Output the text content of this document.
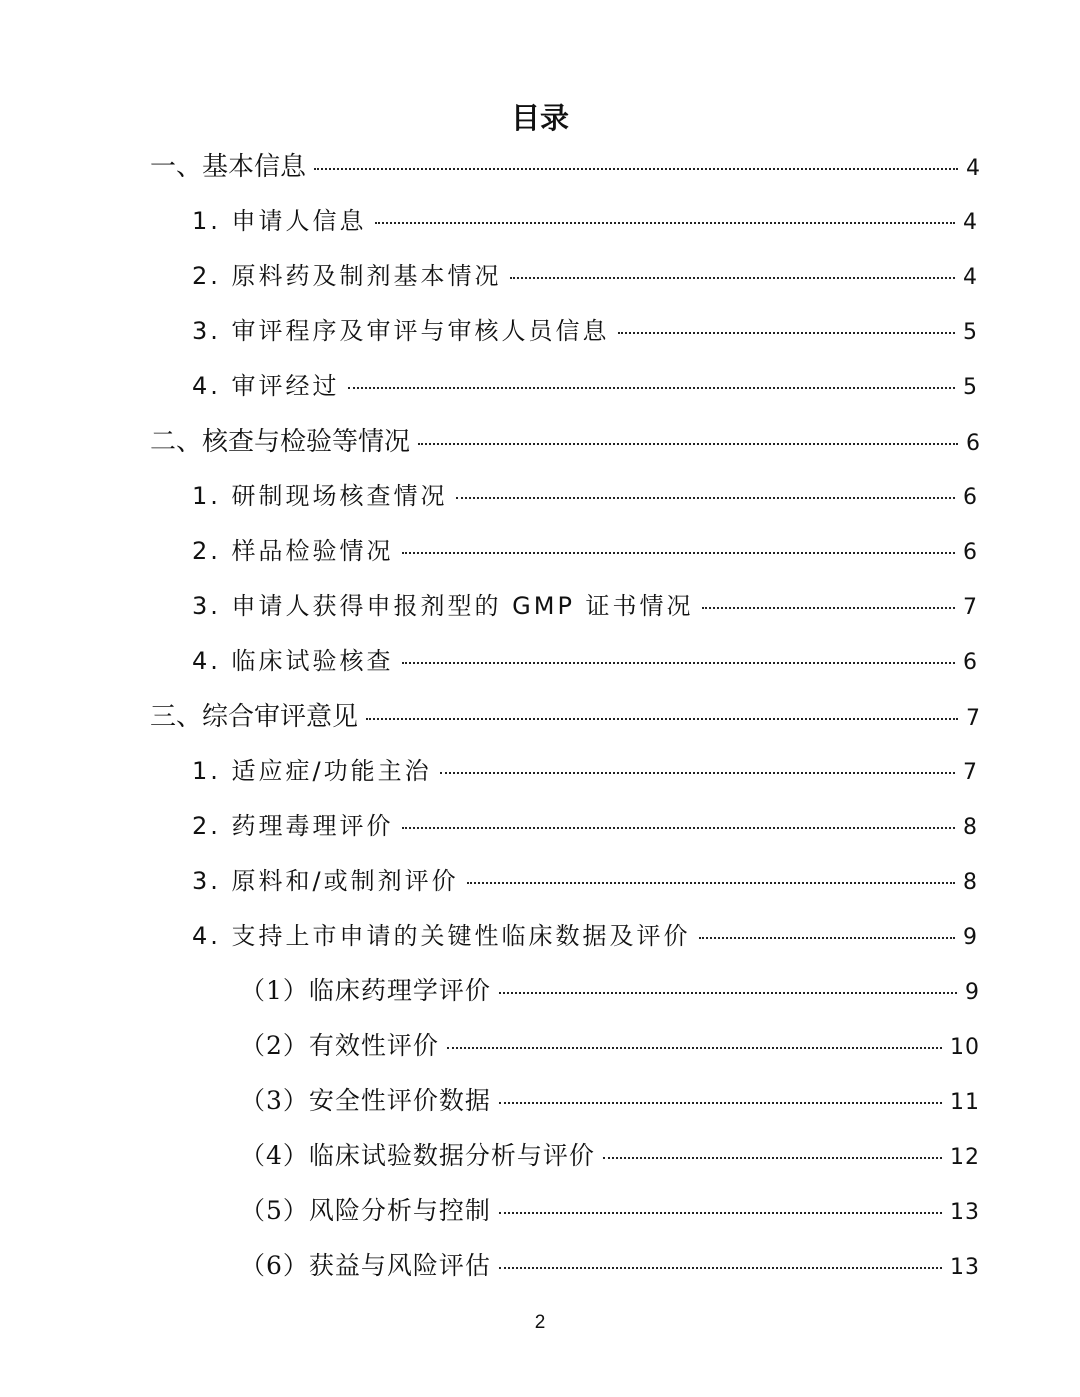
目录
一、基本信息	4
1. 申请人信息	4
2. 原料药及制剂基本情况	4
3. 审评程序及审评与审核人员信息	5
4. 审评经过	5
二、核查与检验等情况	6
1. 研制现场核查情况	6
2. 样品检验情况	6
3. 申请人获得申报剂型的 GMP 证书情况	7
4. 临床试验核查	6
三、综合审评意见	7
1. 适应症/功能主治	7
2. 药理毒理评价	8
3. 原料和/或制剂评价	8
4. 支持上市申请的关键性临床数据及评价	9
（1）临床药理学评价	9
（2）有效性评价	10
（3）安全性评价数据	11
（4）临床试验数据分析与评价	12
（5）风险分析与控制	13
（6）获益与风险评估	13
2
